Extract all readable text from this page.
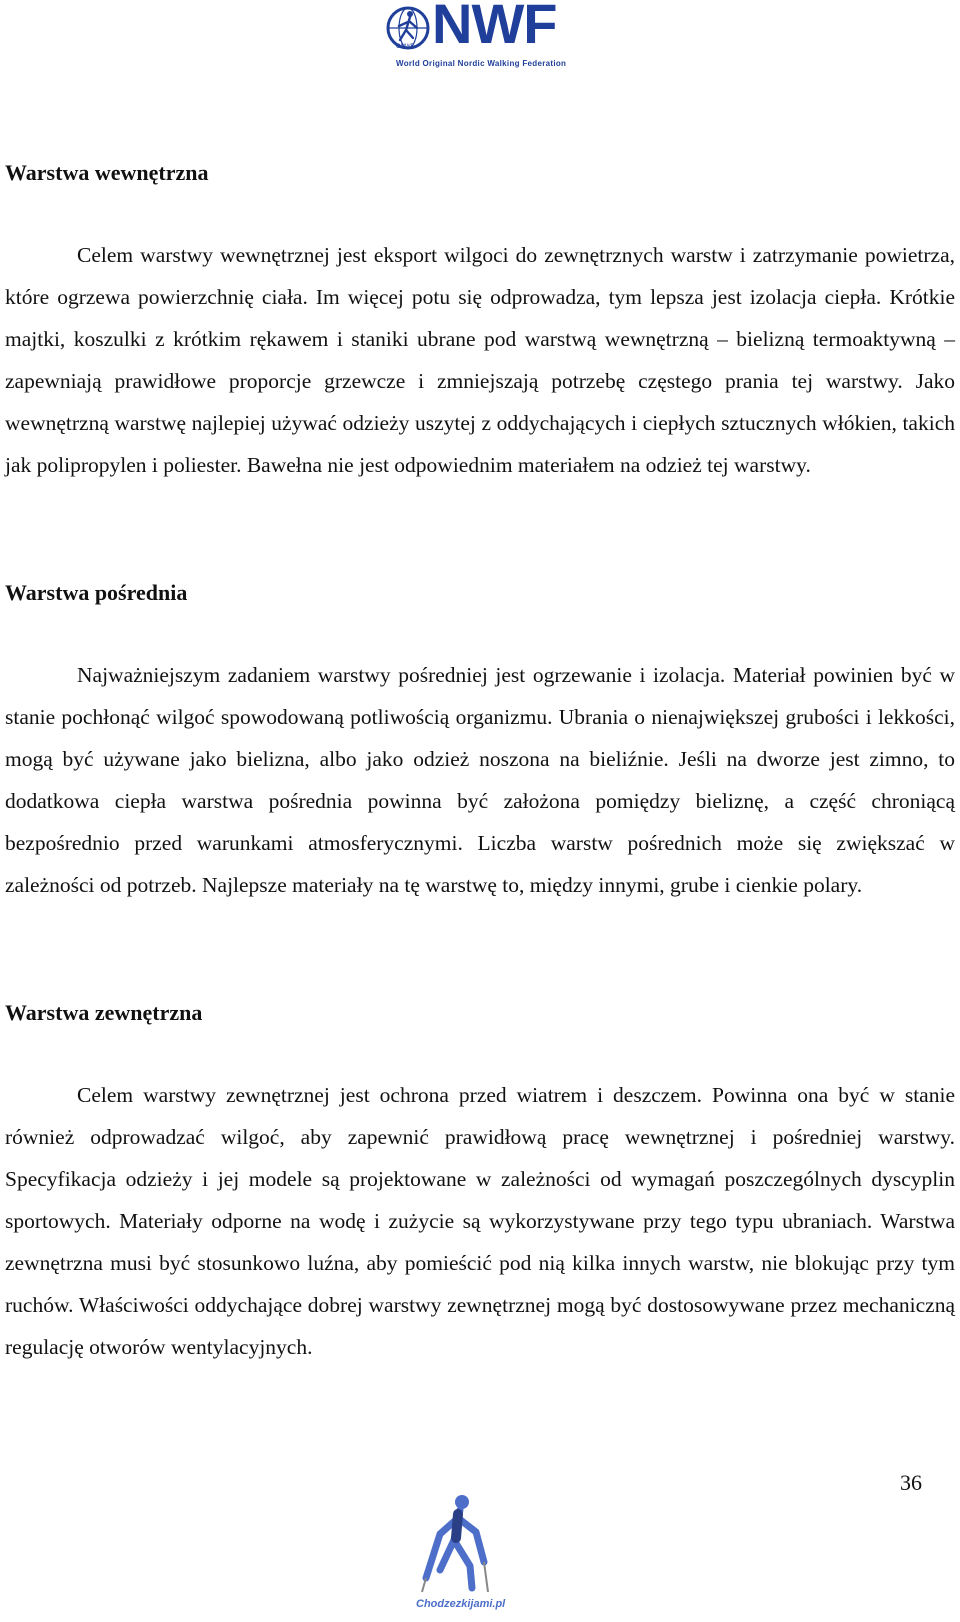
ONWF NWF
World Original Nordic Walking Federation
Warstwa wewnętrzna

Celem warstwy wewnętrznej jest eksport wilgoci do zewnętrznych warstw i zatrzymanie powietrza, które ogrzewa powierzchnię ciała. Im więcej potu się odprowadza, tym lepsza jest izolacja ciepła. Krótkie majtki, koszulki z krótkim rękawem i staniki ubrane pod warstwą wewnętrzną – bielizną termoaktywną – zapewniają prawidłowe proporcje grzewcze i zmniejszają potrzebę częstego prania tej warstwy. Jako wewnętrzną warstwę najlepiej używać odzieży uszytej z oddychających i ciepłych sztucznych włókien, takich jak polipropylen i poliester. Bawełna nie jest odpowiednim materiałem na odzież tej warstwy.

Warstwa pośrednia

Najważniejszym zadaniem warstwy pośredniej jest ogrzewanie i izolacja. Materiał powinien być w stanie pochłonąć wilgoć spowodowaną potliwością organizmu. Ubrania o nienajwiększej grubości i lekkości, mogą być używane jako bielizna, albo jako odzież noszona na bieliźnie. Jeśli na dworze jest zimno, to dodatkowa ciepła warstwa pośrednia powinna być założona pomiędzy bieliznę, a część chroniącą bezpośrednio przed warunkami atmosferycznymi. Liczba warstw pośrednich może się zwiększać w zależności od potrzeb. Najlepsze materiały na tę warstwę to, między innymi, grube i cienkie polary.

Warstwa zewnętrzna

Celem warstwy zewnętrznej jest ochrona przed wiatrem i deszczem. Powinna ona być w stanie również odprowadzać wilgoć, aby zapewnić prawidłową pracę wewnętrznej i pośredniej warstwy. Specyfikacja odzieży i jej modele są projektowane w zależności od wymagań poszczególnych dyscyplin sportowych. Materiały odporne na wodę i zużycie są wykorzystywane przy tego typu ubraniach. Warstwa zewnętrzna musi być stosunkowo luźna, aby pomieścić pod nią kilka innych warstw, nie blokując przy tym ruchów. Właściwości oddychające dobrej warstwy zewnętrznej mogą być dostosowywane przez mechaniczną regulację otworów wentylacyjnych.

36
Chodzezkijami.pl
